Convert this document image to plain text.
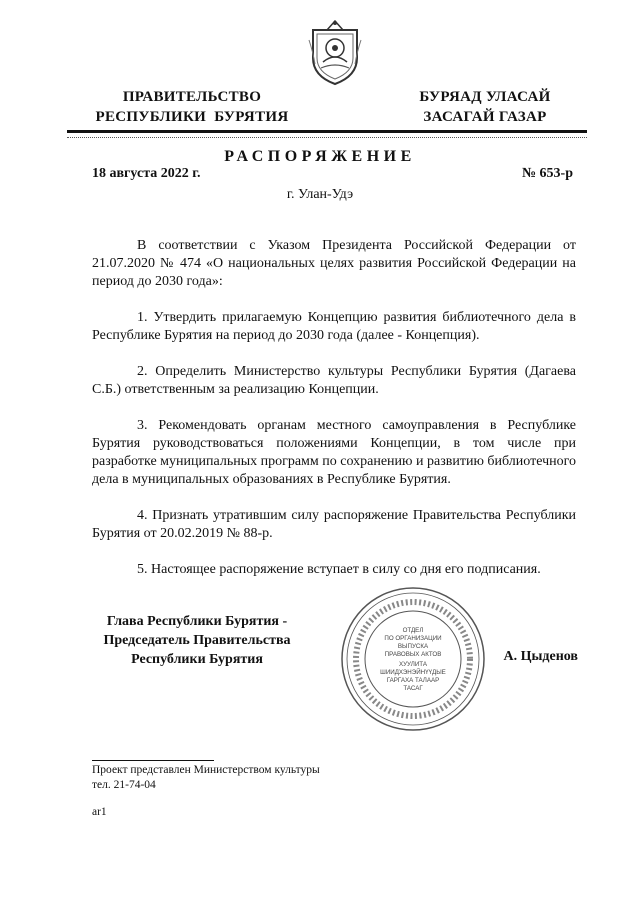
ПРАВИТЕЛЬСТВО
РЕСПУБЛИКИ  БУРЯТИЯ
БУРЯАД УЛАСАЙ
ЗАСАГАЙ ГАЗАР
РАСПОРЯЖЕНИЕ
18 августа 2022 г.	№ 653-р
г. Улан-Удэ

В соответствии с Указом Президента Российской Федерации от 21.07.2020 № 474 «О национальных целях развития Российской Федерации на период до 2030 года»:

1. Утвердить прилагаемую Концепцию развития библиотечного дела в Республике Бурятия на период до 2030 года (далее - Концепция).

2. Определить Министерство культуры Республики Бурятия (Дагаева С.Б.) ответственным за реализацию Концепции.

3. Рекомендовать органам местного самоуправления в Республике Бурятия руководствоваться положениями Концепции, в том числе при разработке муниципальных программ по сохранению и развитию библиотечного дела в муниципальных образованиях в Республике Бурятия.

4. Признать утратившим силу распоряжение Правительства Республики Бурятия от 20.02.2019 № 88-р.

5. Настоящее распоряжение вступает в силу со дня его подписания.

Глава Республики Бурятия -
Председатель Правительства
Республики Бурятия
ОТДЕЛ
ПО ОРГАНИЗАЦИИ
ВЫПУСКА
ПРАВОВЫХ АКТОВ
ХУУЛИТА
ШИИДХЭНЭЙНҮҮДЫЕ
ГАРГАХА ТАЛААР
ТАСАГ
А. Цыденов
Проект представлен Министерством культуры
тел. 21-74-04
ar1
